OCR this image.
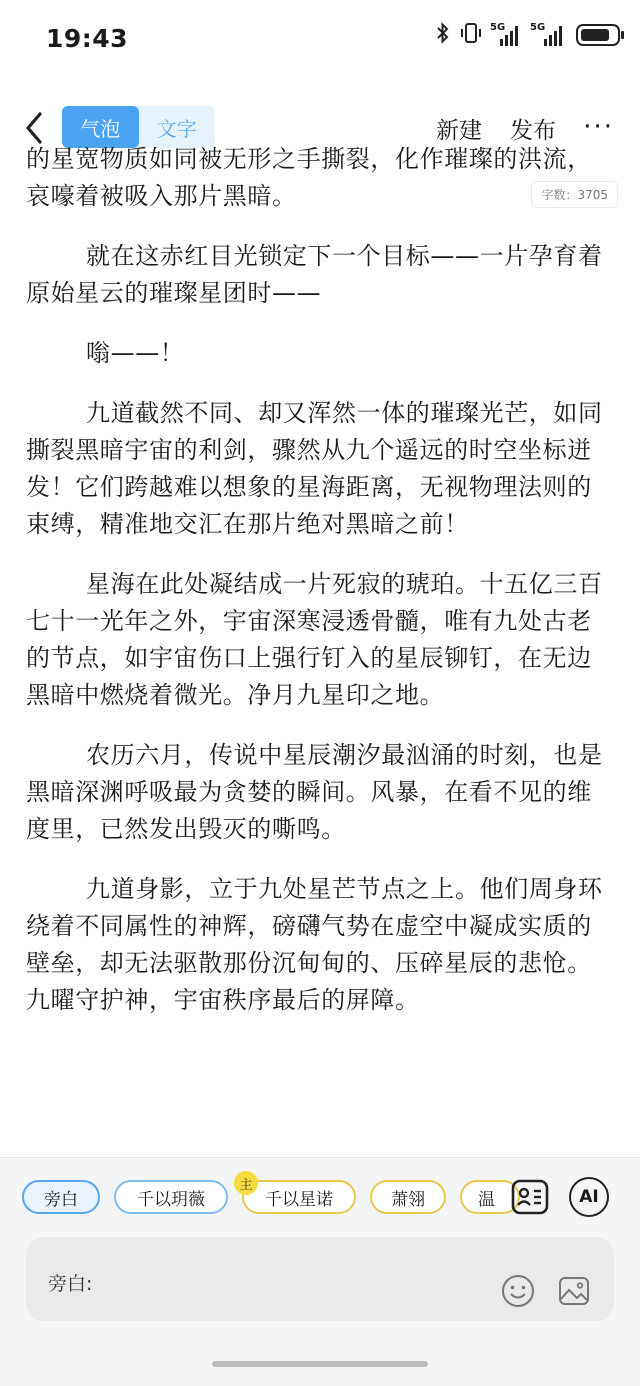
19:43	5G 5G
气泡	文字	新建 发布 ···

的星宽物质如同被无形之手撕裂，化作璀璨的洪流，哀嚎着被吸入那片黑暗。

就在这赤红目光锁定下一个目标——一片孕育着原始星云的璀璨星团时——

嗡——！

九道截然不同、却又浑然一体的璀璨光芒，如同撕裂黑暗宇宙的利剑，骤然从九个遥远的时空坐标迸发！它们跨越难以想象的星海距离，无视物理法则的束缚，精准地交汇在那片绝对黑暗之前！

星海在此处凝结成一片死寂的琥珀。十五亿三百七十一光年之外，宇宙深寒浸透骨髓，唯有九处古老的节点，如宇宙伤口上强行钉入的星辰铆钉，在无边黑暗中燃烧着微光。净月九星印之地。

农历六月，传说中星辰潮汐最汹涌的时刻，也是黑暗深渊呼吸最为贪婪的瞬间。风暴，在看不见的维度里，已然发出毁灭的嘶鸣。

九道身影，立于九处星芒节点之上。他们周身环绕着不同属性的神辉，磅礴气势在虚空中凝成实质的壁垒，却无法驱散那份沉甸甸的、压碎星辰的悲怆。九曜守护神，宇宙秩序最后的屏障。

字数：3705
旁白	千以玥薇	千以星诺	萧翎	温
主
AI
旁白:
